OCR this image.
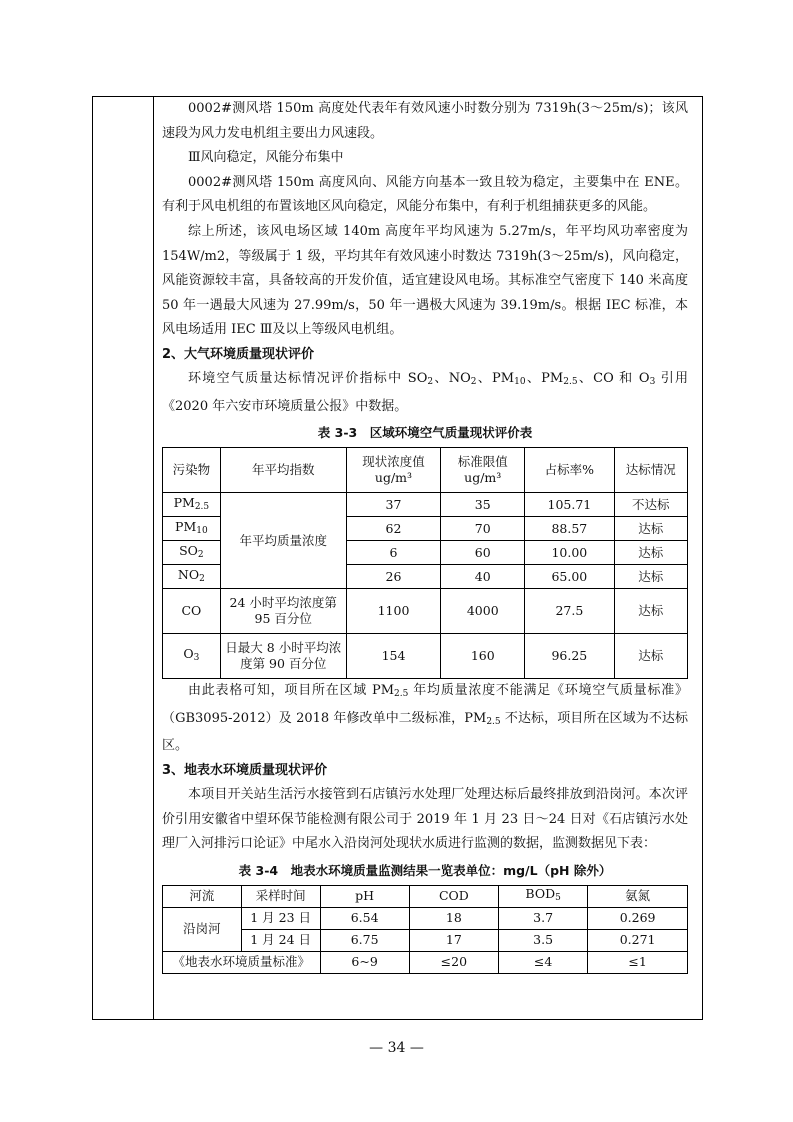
0002#测风塔 150m 高度处代表年有效风速小时数分别为 7319h(3～25m/s)；该风速段为风力发电机组主要出力风速段。

Ⅲ风向稳定，风能分布集中

0002#测风塔 150m 高度风向、风能方向基本一致且较为稳定，主要集中在 ENE。有利于风电机组的布置该地区风向稳定，风能分布集中，有利于机组捕获更多的风能。

综上所述，该风电场区域 140m 高度年平均风速为 5.27m/s，年平均风功率密度为 154W/m2，等级属于 1 级，平均其年有效风速小时数达 7319h(3～25m/s)，风向稳定，风能资源较丰富，具备较高的开发价值，适宜建设风电场。其标准空气密度下 140 米高度 50 年一遇最大风速为 27.99m/s，50 年一遇极大风速为 39.19m/s。根据 IEC 标准，本风电场适用 IEC Ⅲ及以上等级风电机组。

2、大气环境质量现状评价

环境空气质量达标情况评价指标中 $SO_2$、$NO_2$、$PM_{10}$、$PM_{2.5}$、CO 和 $O_3$ 引用《2020 年六安市环境质量公报》中数据。

表 3-3　区域环境空气质量现状评价表

污染物	年平均指数	现状浓度值 ug/m³	标准限值 ug/m³	占标率%	达标情况
$PM_{2.5}$	年平均质量浓度	37	35	105.71	不达标
$PM_{10}$		62	70	88.57	达标
$SO_2$		6	60	10.00	达标
$NO_2$		26	40	65.00	达标
CO	24 小时平均浓度第 95 百分位	1100	4000	27.5	达标
$O_3$	日最大 8 小时平均浓度第 90 百分位	154	160	96.25	达标

由此表格可知，项目所在区域 $PM_{2.5}$ 年均质量浓度不能满足《环境空气质量标准》（GB3095-2012）及 2018 年修改单中二级标准，$PM_{2.5}$ 不达标，项目所在区域为不达标区。

3、地表水环境质量现状评价

本项目开关站生活污水接管到石店镇污水处理厂处理达标后最终排放到沿岗河。本次评价引用安徽省中望环保节能检测有限公司于 2019 年 1 月 23 日～24 日对《石店镇污水处理厂入河排污口论证》中尾水入沿岗河处现状水质进行监测的数据，监测数据见下表：

表 3-4　地表水环境质量监测结果一览表单位：mg/L（pH 除外）

河流	采样时间	pH	COD	$BOD_5$	氨氮
沿岗河	1 月 23 日	6.54	18	3.7	0.269
	1 月 24 日	6.75	17	3.5	0.271
《地表水环境质量标准》		6~9	≤20	≤4	≤1
— 34 —
